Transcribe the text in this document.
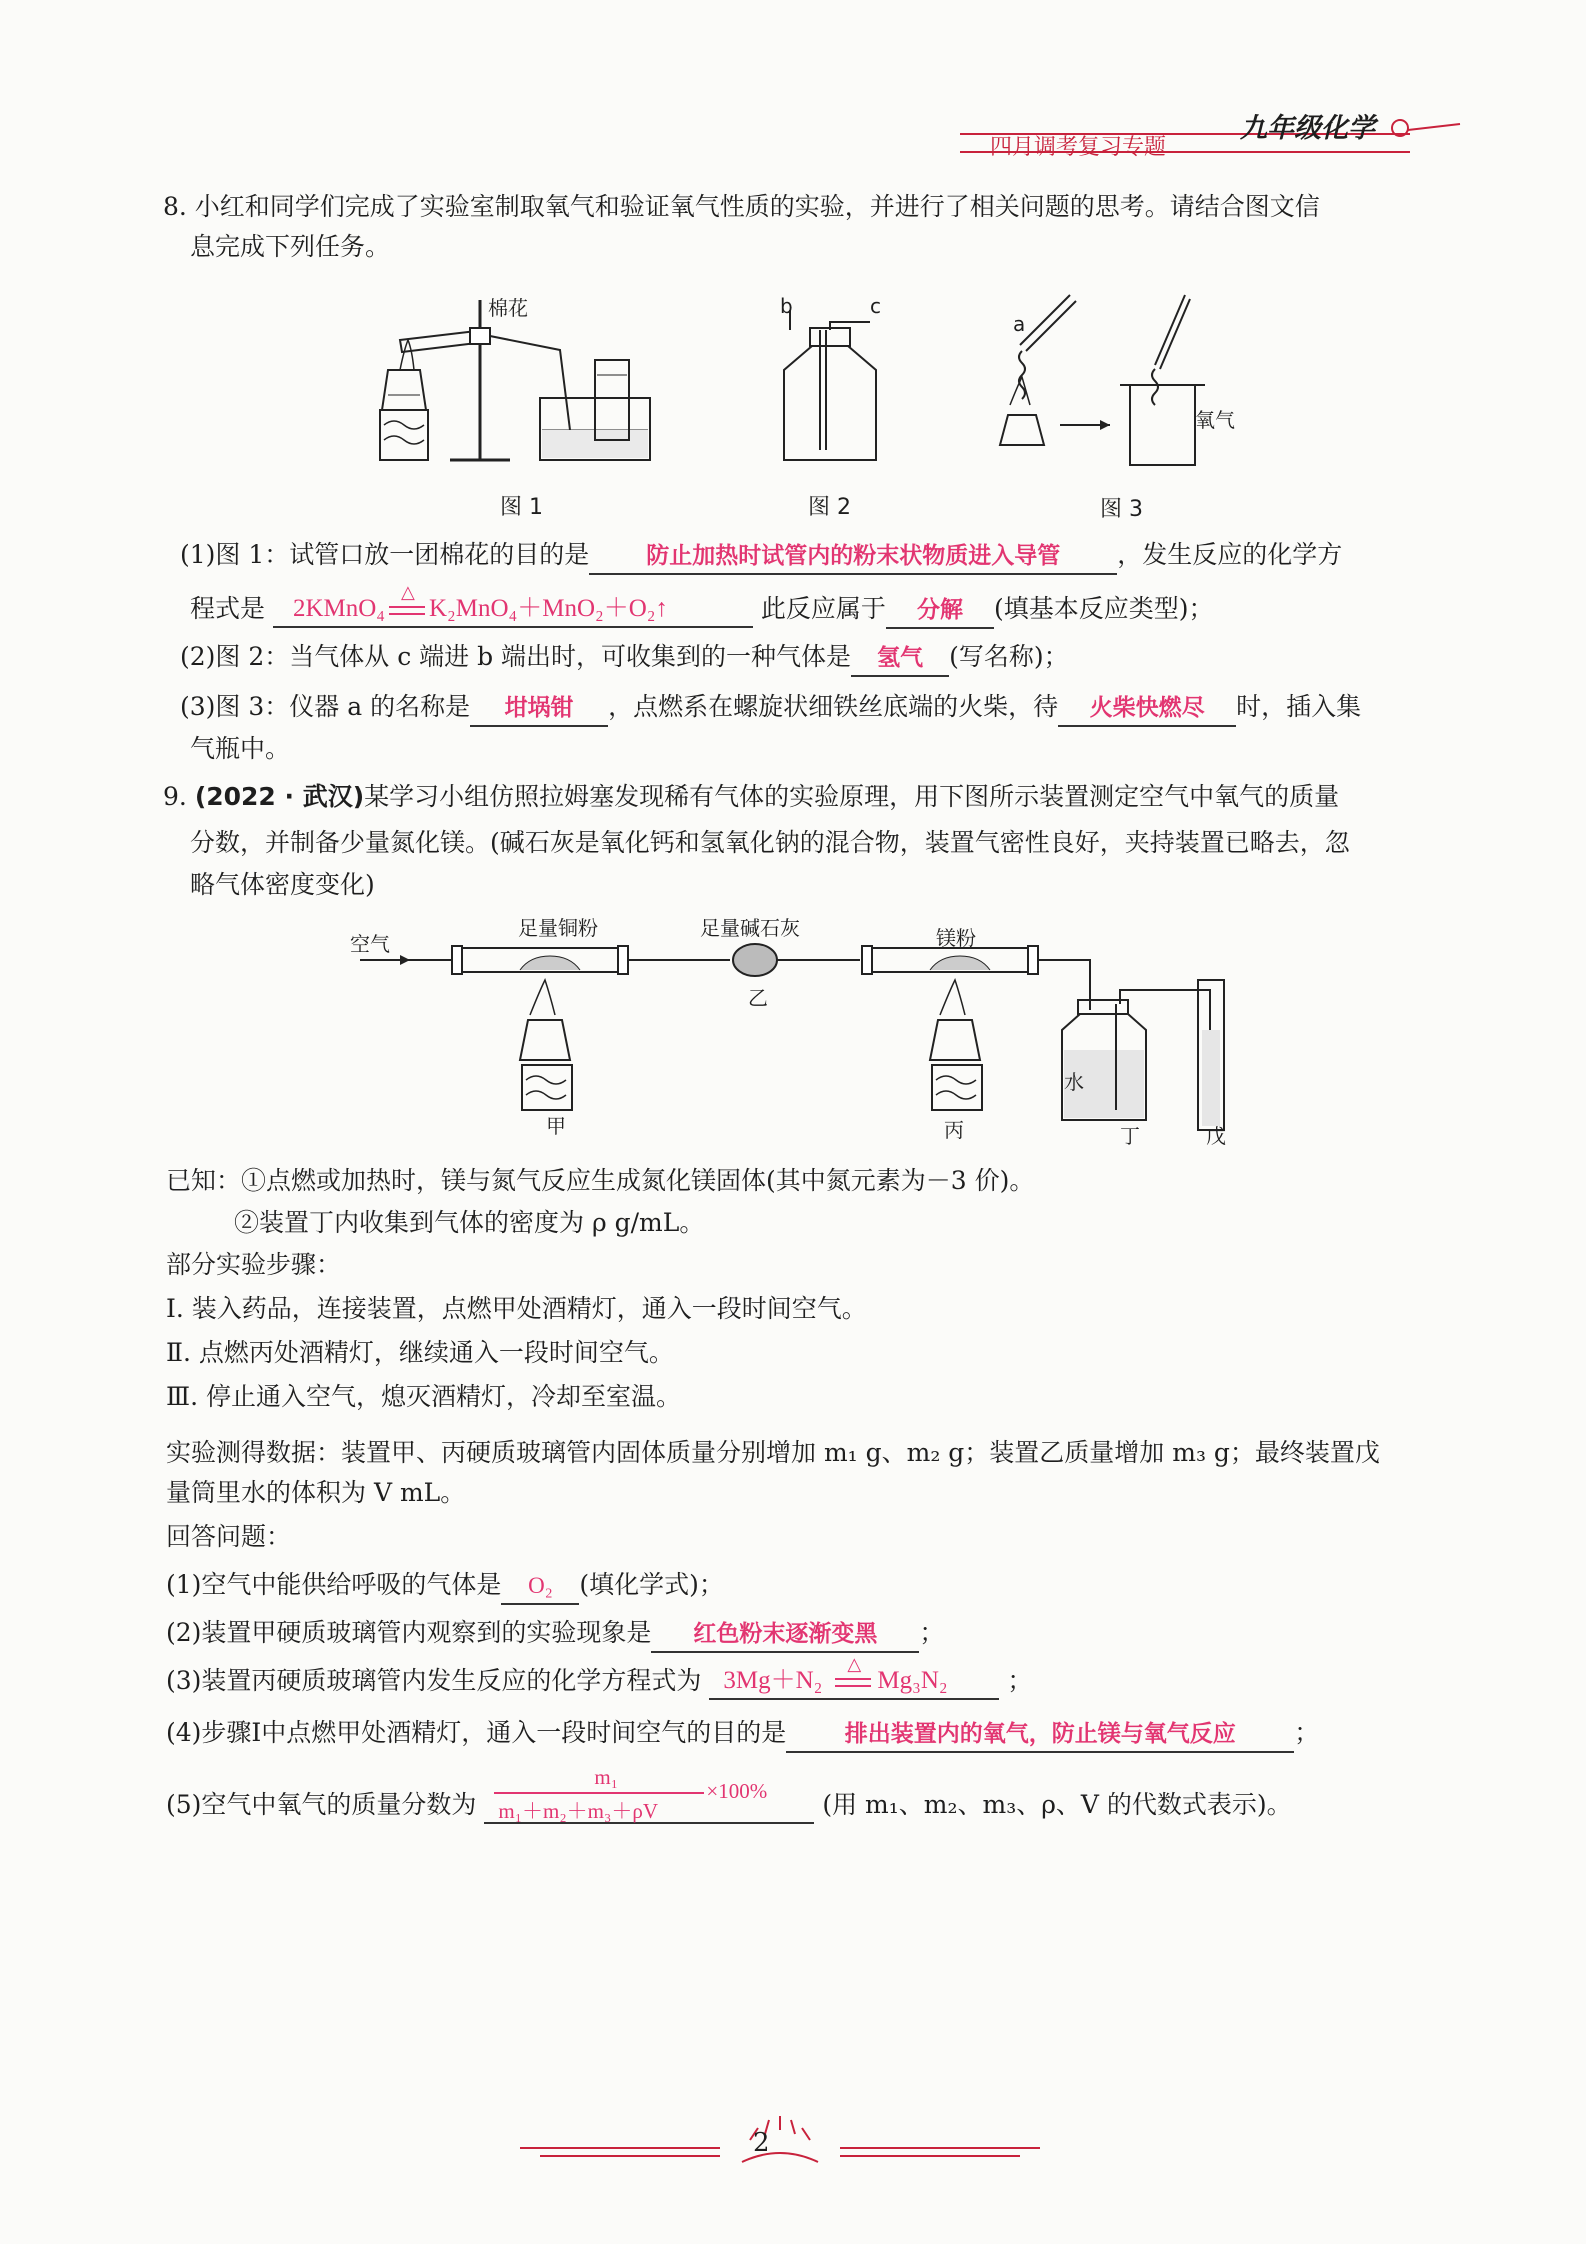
九年级化学
四月调考复习专题
8. 小红和同学们完成了实验室制取氧气和验证氧气性质的实验，并进行了相关问题的思考。请结合图文信
息完成下列任务。
棉花
图 1
b	c
图 2
a
氧气
图 3
(1)图 1：试管口放一团棉花的目的是 防止加热时试管内的粉末状物质进入导管 ，发生反应的化学方
程式是 2KMnO₄
△
K₂MnO₄＋MnO₂＋O₂↑	此反应属于 分解 (填基本反应类型)；
(2)图 2：当气体从 c 端进 b 端出时，可收集到的一种气体是 氢气 (写名称)；
(3)图 3：仪器 a 的名称是 坩埚钳 ，点燃系在螺旋状细铁丝底端的火柴，待 火柴快燃尽 时，插入集
气瓶中。
9. (2022 · 武汉)某学习小组仿照拉姆塞发现稀有气体的实验原理，用下图所示装置测定空气中氧气的质量
分数，并制备少量氮化镁。(碱石灰是氧化钙和氢氧化钠的混合物，装置气密性良好，夹持装置已略去，忽
略气体密度变化)
空气
足量铜粉	足量碱石灰	镁粉
水
甲
乙
丙	丁	戊
已知：①点燃或加热时，镁与氮气反应生成氮化镁固体(其中氮元素为－3 价)。
②装置丁内收集到气体的密度为 ρ g/mL。
部分实验步骤：
Ⅰ. 装入药品，连接装置，点燃甲处酒精灯，通入一段时间空气。
Ⅱ. 点燃丙处酒精灯，继续通入一段时间空气。
Ⅲ. 停止通入空气，熄灭酒精灯，冷却至室温。
实验测得数据：装置甲、丙硬质玻璃管内固体质量分别增加 m₁ g、m₂ g；装置乙质量增加 m₃ g；最终装置戊
量筒里水的体积为 V mL。
回答问题：
(1)空气中能供给呼吸的气体是 O₂ (填化学式)；
(2)装置甲硬质玻璃管内观察到的实验现象是 红色粉末逐渐变黑 ；
(3)装置丙硬质玻璃管内发生反应的化学方程式为 3Mg＋N₂
△
Mg₃N₂ ；
(4)步骤Ⅰ中点燃甲处酒精灯，通入一段时间空气的目的是	排出装置内的氧气，防止镁与氧气反应 ；
(5)空气中氧气的质量分数为
m₁
m₁＋m₂＋m₃＋ρV
×100% (用 m₁、m₂、m₃、ρ、V 的代数式表示)。
2
